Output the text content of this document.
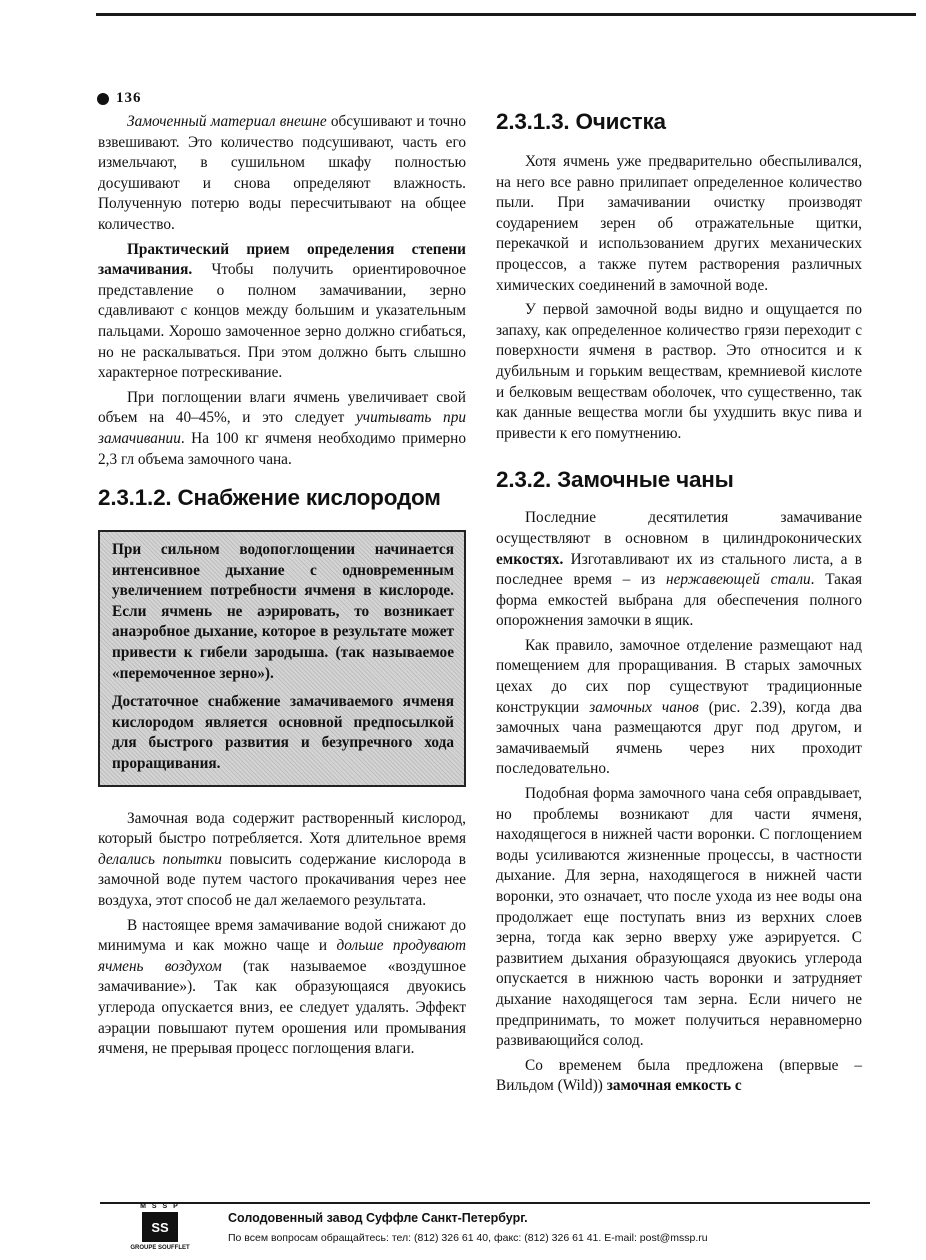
136

Замоченный материал внешне обсушивают и точно взвешивают. Это количество подсушивают, часть его измельчают, в сушильном шкафу полностью досушивают и снова определяют влажность. Полученную потерю воды пересчитывают на общее количество.

Практический прием определения степени замачивания. Чтобы получить ориентировочное представление о полном замачивании, зерно сдавливают с концов между большим и указательным пальцами. Хорошо замоченное зерно должно сгибаться, но не раскалываться. При этом должно быть слышно характерное потрескивание.

При поглощении влаги ячмень увеличивает свой объем на 40–45%, и это следует учитывать при замачивании. На 100 кг ячменя необходимо примерно 2,3 гл объема замочного чана.

2.3.1.2. Снабжение кислородом

При сильном водопоглощении начинается интенсивное дыхание с одновременным увеличением потребности ячменя в кислороде. Если ячмень не аэрировать, то возникает анаэробное дыхание, которое в результате может привести к гибели зародыша. (так называемое «перемоченное зерно»).

Достаточное снабжение замачиваемого ячменя кислородом является основной предпосылкой для быстрого развития и безупречного хода проращивания.

Замочная вода содержит растворенный кислород, который быстро потребляется. Хотя длительное время делались попытки повысить содержание кислорода в замочной воде путем частого прокачивания через нее воздуха, этот способ не дал желаемого результата.

В настоящее время замачивание водой снижают до минимума и как можно чаще и дольше продувают ячмень воздухом (так называемое «воздушное замачивание»). Так как образующаяся двуокись углерода опускается вниз, ее следует удалять. Эффект аэрации повышают путем орошения или промывания ячменя, не прерывая процесс поглощения влаги.

2.3.1.3. Очистка

Хотя ячмень уже предварительно обеспыливался, на него все равно прилипает определенное количество пыли. При замачивании очистку производят соударением зерен об отражательные щитки, перекачкой и использованием других механических процессов, а также путем растворения различных химических соединений в замочной воде.

У первой замочной воды видно и ощущается по запаху, как определенное количество грязи переходит с поверхности ячменя в раствор. Это относится и к дубильным и горьким веществам, кремниевой кислоте и белковым веществам оболочек, что существенно, так как данные вещества могли бы ухудшить вкус пива и привести к его помутнению.

2.3.2. Замочные чаны

Последние десятилетия замачивание осуществляют в основном в цилиндроконических емкостях. Изготавливают их из стального листа, а в последнее время – из нержавеющей стали. Такая форма емкостей выбрана для обеспечения полного опорожнения замочки в ящик.

Как правило, замочное отделение размещают над помещением для проращивания. В старых замочных цехах до сих пор существуют традиционные конструкции замочных чанов (рис. 2.39), когда два замочных чана размещаются друг под другом, и замачиваемый ячмень через них проходит последовательно.

Подобная форма замочного чана себя оправдывает, но проблемы возникают для части ячменя, находящегося в нижней части воронки. С поглощением воды усиливаются жизненные процессы, в частности дыхание. Для зерна, находящегося в нижней части воронки, это означает, что после ухода из нее воды она продолжает еще поступать вниз из верхних слоев зерна, тогда как зерно вверху уже аэрируется. С развитием дыхания образующаяся двуокись углерода опускается в нижнюю часть воронки и затрудняет дыхание находящегося там зерна. Если ничего не предпринимать, то может получиться неравномерно развивающийся солод.

Со временем была предложена (впервые – Вильдом (Wild)) замочная емкость с

M S S P
SS
GROUPE SOUFFLET
Солодовенный завод Суффле Санкт-Петербург.
По всем вопросам обращайтесь: тел: (812) 326 61 40, факс: (812) 326 61 41. E-mail: post@mssp.ru
